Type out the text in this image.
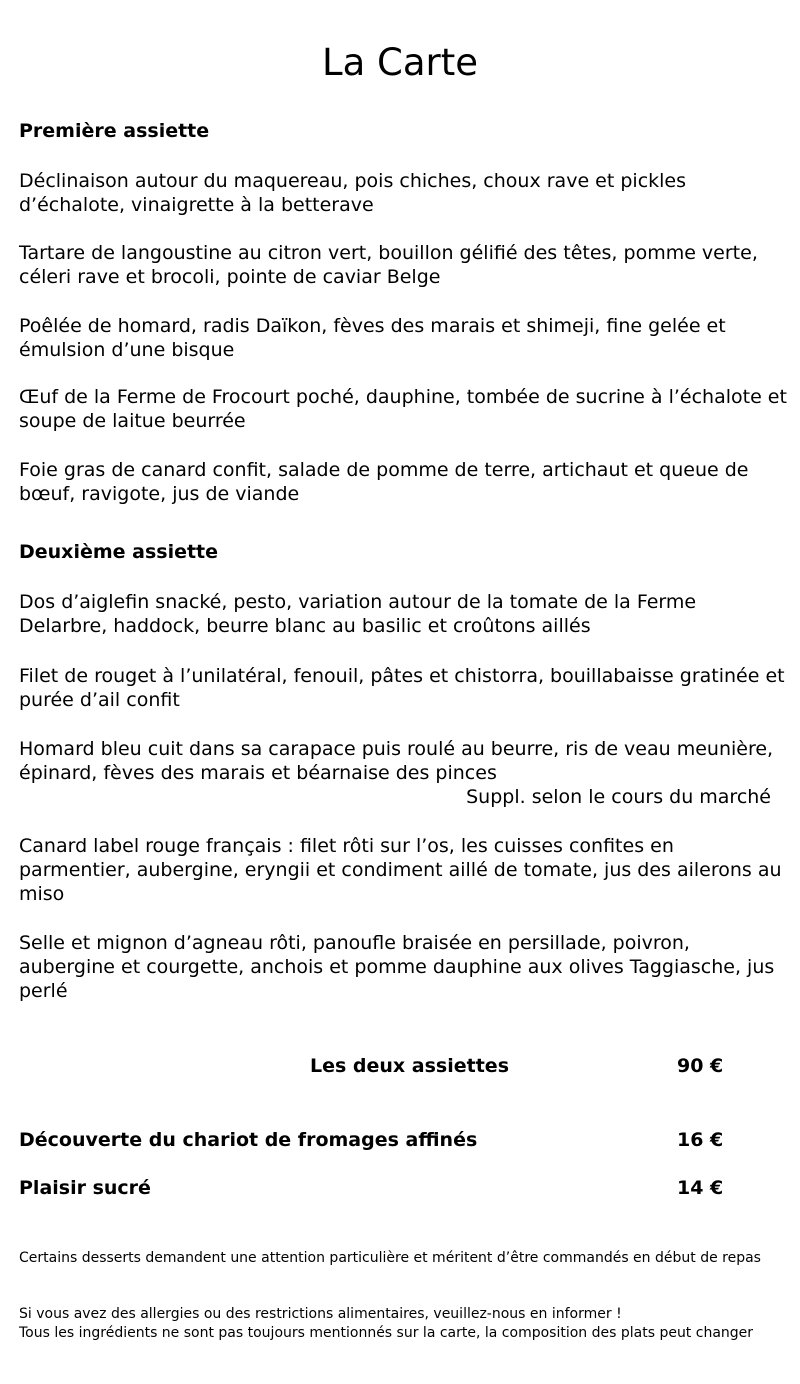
La Carte
Première assiette

Déclinaison autour du maquereau, pois chiches, choux rave et pickles d’échalote, vinaigrette à la betterave

Tartare de langoustine au citron vert, bouillon gélifié des têtes, pomme verte, céleri rave et brocoli, pointe de caviar Belge

Poêlée de homard, radis Daïkon, fèves des marais et shimeji, fine gelée et émulsion d’une bisque

Œuf de la Ferme de Frocourt poché, dauphine, tombée de sucrine à l’échalote et soupe de laitue beurrée

Foie gras de canard confit, salade de pomme de terre, artichaut et queue de bœuf, ravigote, jus de viande

Deuxième assiette

Dos d’aiglefin snacké, pesto, variation autour de la tomate de la Ferme Delarbre, haddock, beurre blanc au basilic et croûtons aillés

Filet de rouget à l’unilatéral, fenouil, pâtes et chistorra, bouillabaisse gratinée et purée d’ail confit

Homard bleu cuit dans sa carapace puis roulé au beurre, ris de veau meunière, épinard, fèves des marais et béarnaise des pinces
Suppl. selon le cours du marché

Canard label rouge français : filet rôti sur l’os, les cuisses confites en parmentier, aubergine, eryngii et condiment aillé de tomate, jus des ailerons au miso

Selle et mignon d’agneau rôti, panoufle braisée en persillade, poivron, aubergine et courgette, anchois et pomme dauphine aux olives Taggiasche, jus perlé

Les deux assiettes	90 €
Découverte du chariot de fromages affinés	16 €
Plaisir sucré	14 €

Certains desserts demandent une attention particulière et méritent d’être commandés en début de repas

Si vous avez des allergies ou des restrictions alimentaires, veuillez-nous en informer !

Tous les ingrédients ne sont pas toujours mentionnés sur la carte, la composition des plats peut changer
